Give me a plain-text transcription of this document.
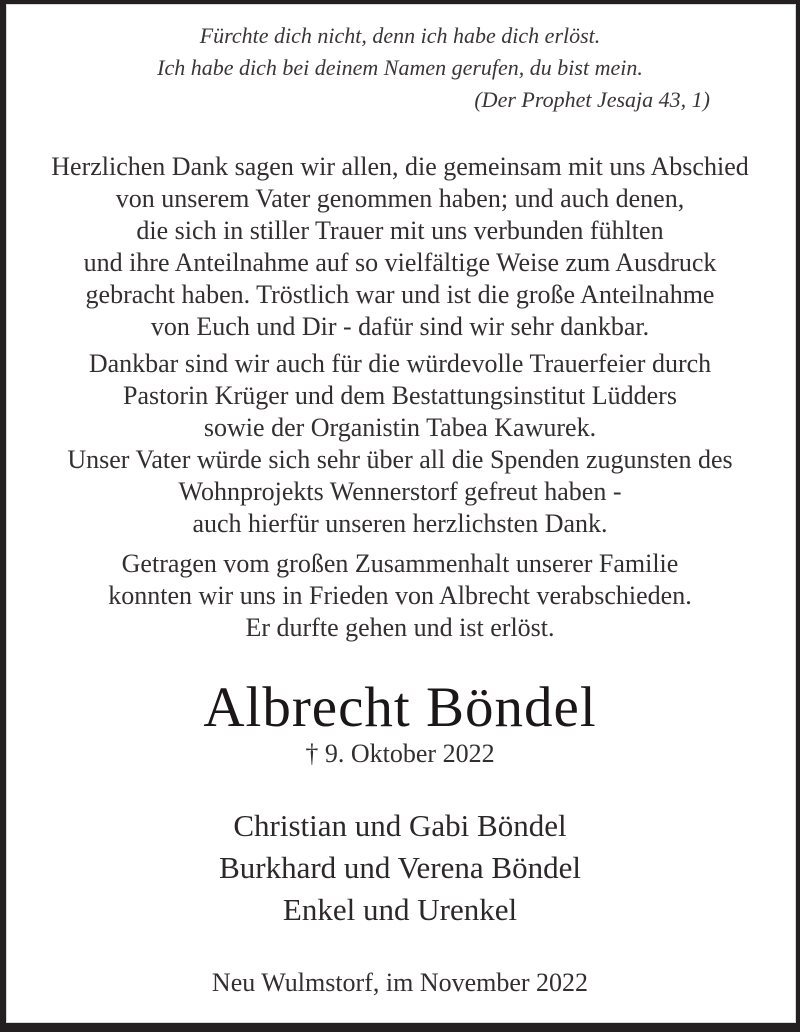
Fürchte dich nicht, denn ich habe dich erlöst.
Ich habe dich bei deinem Namen gerufen, du bist mein.
(Der Prophet Jesaja 43, 1)
Herzlichen Dank sagen wir allen, die gemeinsam mit uns Abschied
von unserem Vater genommen haben; und auch denen,
die sich in stiller Trauer mit uns verbunden fühlten
und ihre Anteilnahme auf so vielfältige Weise zum Ausdruck
gebracht haben. Tröstlich war und ist die große Anteilnahme
von Euch und Dir - dafür sind wir sehr dankbar.
Dankbar sind wir auch für die würdevolle Trauerfeier durch
Pastorin Krüger und dem Bestattungsinstitut Lüdders
sowie der Organistin Tabea Kawurek.
Unser Vater würde sich sehr über all die Spenden zugunsten des
Wohnprojekts Wennerstorf gefreut haben -
auch hierfür unseren herzlichsten Dank.
Getragen vom großen Zusammenhalt unserer Familie
konnten wir uns in Frieden von Albrecht verabschieden.
Er durfte gehen und ist erlöst.
Albrecht Böndel
† 9. Oktober 2022
Christian und Gabi Böndel
Burkhard und Verena Böndel
Enkel und Urenkel
Neu Wulmstorf, im November 2022
